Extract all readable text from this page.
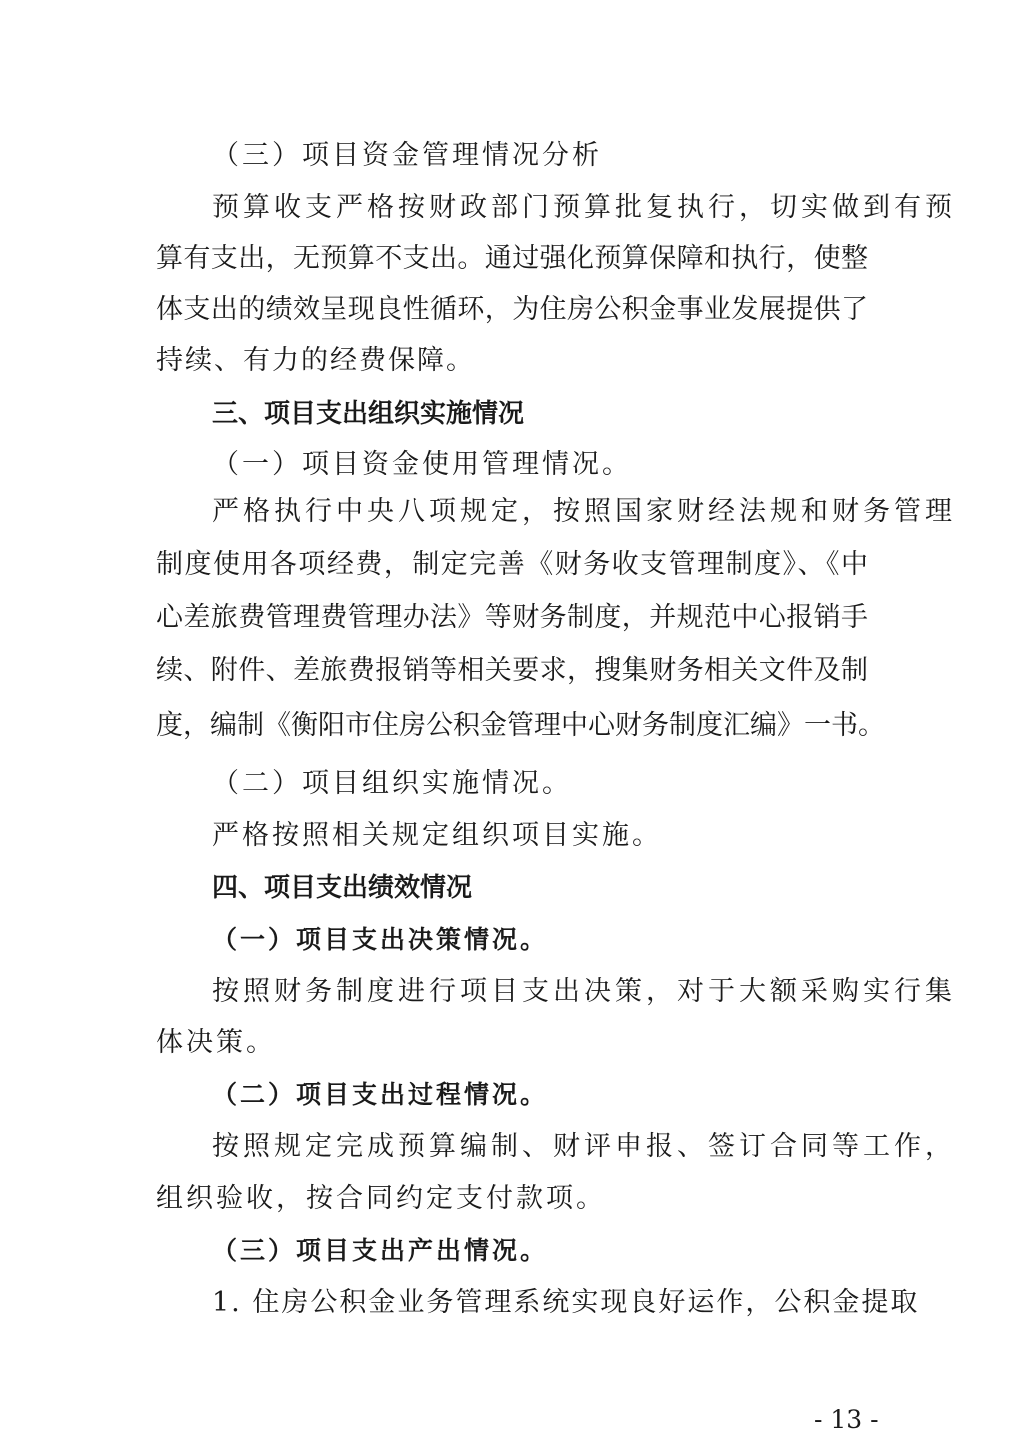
（三）项目资金管理情况分析
预算收支严格按财政部门预算批复执行，切实做到有预
算有支出，无预算不支出。通过强化预算保障和执行，使整
体支出的绩效呈现良性循环，为住房公积金事业发展提供了
持续、有力的经费保障。
三、项目支出组织实施情况
（一）项目资金使用管理情况。
严格执行中央八项规定，按照国家财经法规和财务管理
制度使用各项经费，制定完善《财务收支管理制度》、《中
心差旅费管理费管理办法》等财务制度，并规范中心报销手
续、附件、差旅费报销等相关要求，搜集财务相关文件及制
度，编制《衡阳市住房公积金管理中心财务制度汇编》一书。
（二）项目组织实施情况。
严格按照相关规定组织项目实施。
四、项目支出绩效情况
（一）项目支出决策情况。
按照财务制度进行项目支出决策，对于大额采购实行集
体决策。
（二）项目支出过程情况。
按照规定完成预算编制、财评申报、签订合同等工作，
组织验收，按合同约定支付款项。
（三）项目支出产出情况。
1. 住房公积金业务管理系统实现良好运作，公积金提取
- 13 -
